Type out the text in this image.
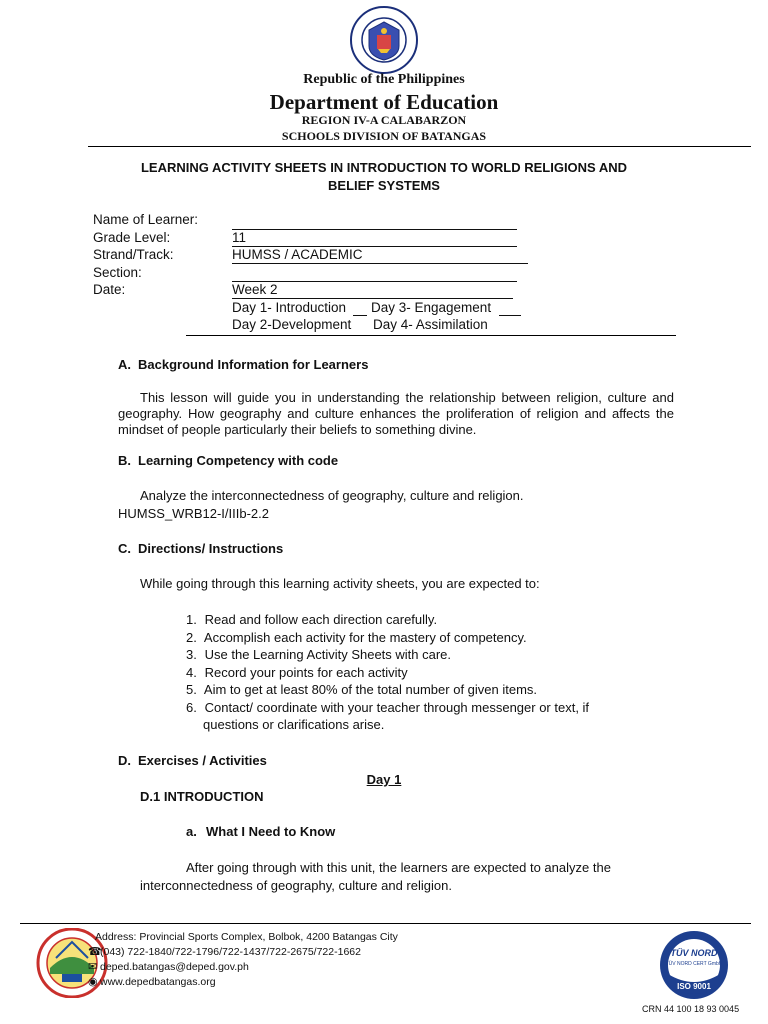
Republic of the Philippines
Department of Education
REGION IV-A CALABARZON
SCHOOLS DIVISION OF BATANGAS
LEARNING ACTIVITY SHEETS IN INTRODUCTION TO WORLD RELIGIONS AND
BELIEF SYSTEMS
Name of Learner:
Grade Level:	11
Strand/Track:	HUMSS / ACADEMIC
Section:
Date:	Week 2
Day 1- Introduction Day 3- Engagement
Day 2-Development Day 4- Assimilation
A. Background Information for Learners
This lesson will guide you in understanding the relationship between religion, culture and geography. How geography and culture enhances the proliferation of religion and affects the mindset of people particularly their beliefs to something divine.
B. Learning Competency with code
Analyze the interconnectedness of geography, culture and religion.
HUMSS_WRB12-I/IIIb-2.2
C. Directions/ Instructions
While going through this learning activity sheets, you are expected to:
1. Read and follow each direction carefully.
2. Accomplish each activity for the mastery of competency.
3. Use the Learning Activity Sheets with care.
4. Record your points for each activity
5. Aim to get at least 80% of the total number of given items.
6. Contact/ coordinate with your teacher through messenger or text, if
questions or clarifications arise.
D. Exercises / Activities
Day 1
D.1 INTRODUCTION
a. What I Need to Know
After going through with this unit, the learners are expected to analyze the interconnectedness of geography, culture and religion.
Address: Provincial Sports Complex, Bolbok, 4200 Batangas City
☎
(043) 722-1840/722-1796/722-1437/722-2675/722-1662
✉ deped.batangas@deped.gov.ph
◉ www.depedbatangas.org
TÜV NORD
TÜV NORD CERT GmbH
ISO 9001
CRN 44 100 18 93 0045
